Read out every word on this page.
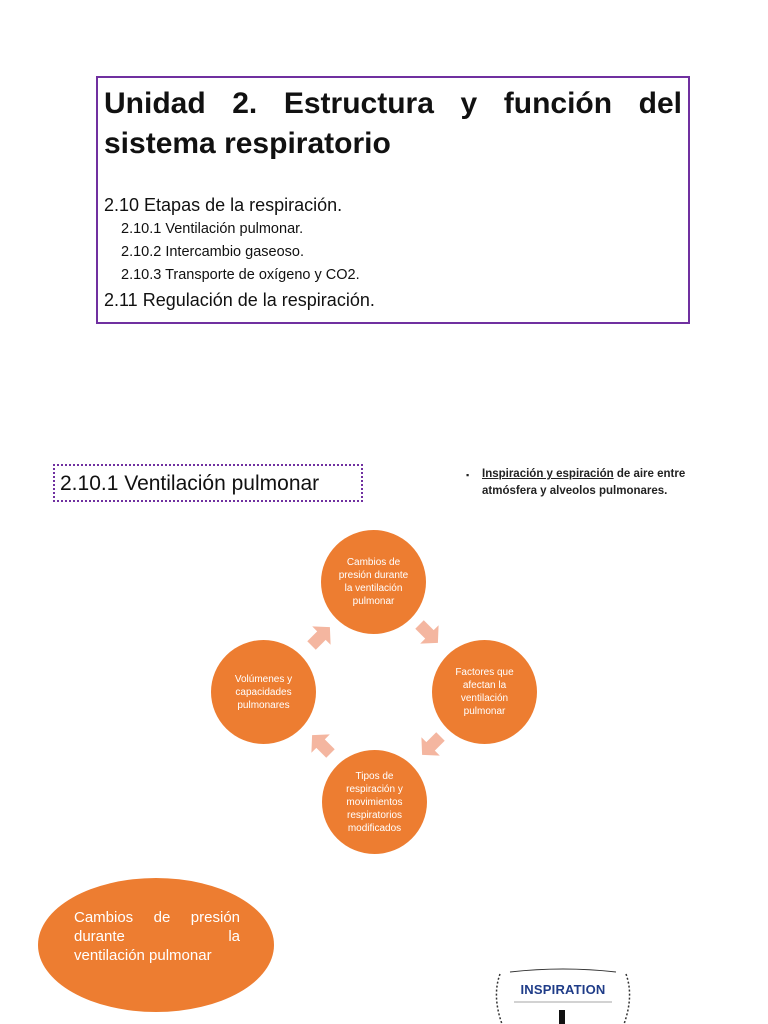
Unidad 2. Estructura y función del sistema respiratorio
2.10 Etapas de la respiración.
2.10.1 Ventilación pulmonar.
2.10.2 Intercambio gaseoso.
2.10.3 Transporte de oxígeno y CO2.
2.11 Regulación de la respiración.
2.10.1 Ventilación pulmonar	▪	Inspiración y espiración de aire entre atmósfera y alveolos pulmonares.
Cambios de presión durante la ventilación pulmonar
Factores que afectan la ventilación pulmonar
Tipos de respiración y movimientos respiratorios modificados
Volúmenes y capacidades pulmonares
Cambios de presión durante la
ventilación pulmonar
INSPIRATION
